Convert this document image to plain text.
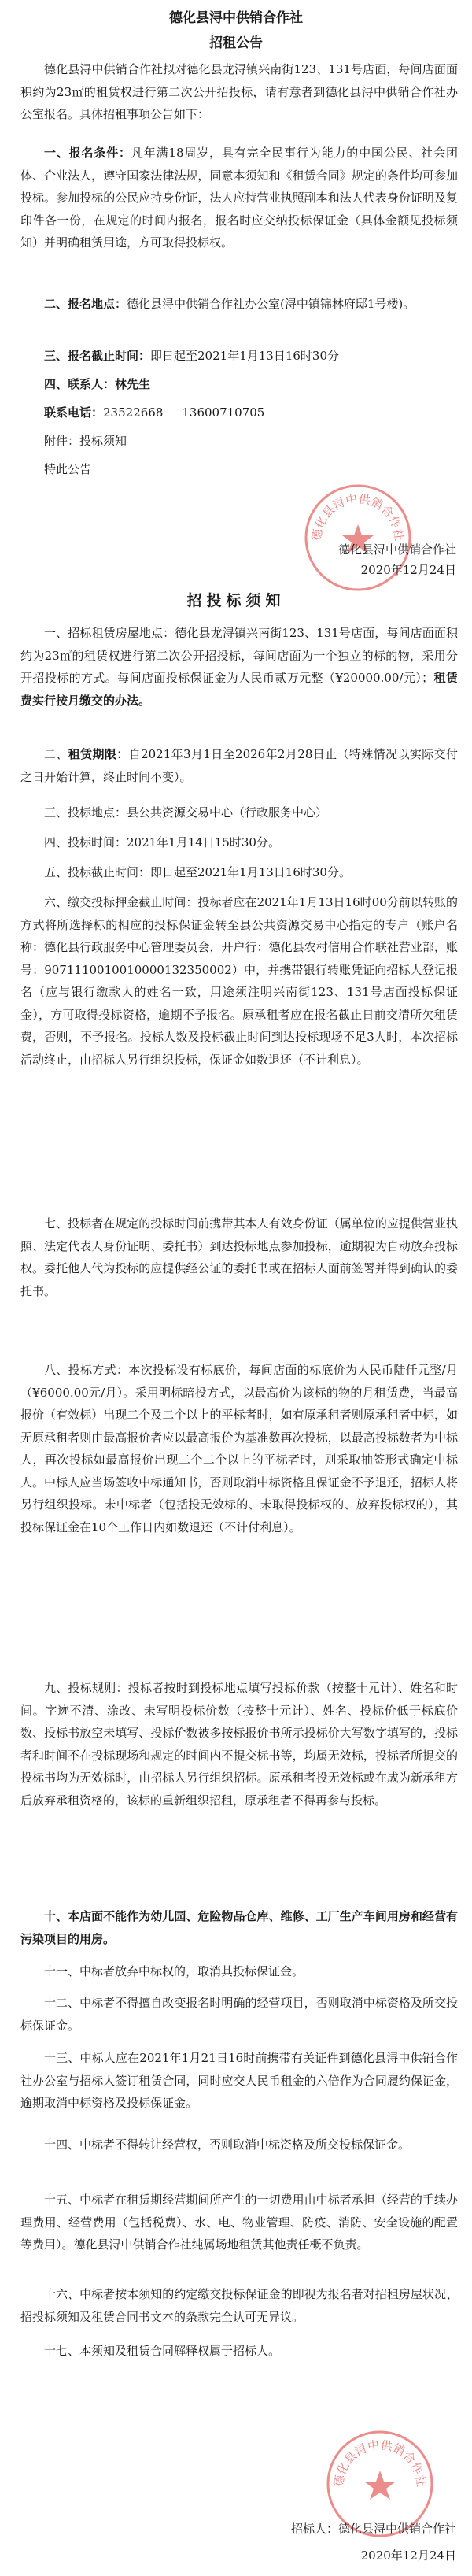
德化县浔中供销合作社
招租公告

德化县浔中供销合作社拟对德化县龙浔镇兴南街123、131号店面，每间店面面积约为23㎡的租赁权进行第二次公开招投标，请有意者到德化县浔中供销合作社办公室报名。具体招租事项公告如下：

一、报名条件：凡年满18周岁，具有完全民事行为能力的中国公民、社会团体、企业法人，遵守国家法律法规，同意本须知和《租赁合同》规定的条件均可参加投标。参加投标的公民应持身份证，法人应持营业执照副本和法人代表身份证明及复印件各一份，在规定的时间内报名，报名时应交纳投标保证金（具体金额见投标须知）并明确租赁用途，方可取得投标权。

二、报名地点：德化县浔中供销合作社办公室(浔中镇锦林府邸1号楼)。

三、报名截止时间：即日起至2021年1月13日16时30分

四、联系人：林先生

联系电话：23522668 13600710705

附件：投标须知

特此公告

德化县浔中供销合作社

德化县浔中供销合作社

2020年12月24日

招投标须知

一、招标租赁房屋地点：德化县龙浔镇兴南街123、131号店面，每间店面面积约为23㎡的租赁权进行第二次公开招投标，每间店面为一个独立的标的物，采用分开招投标的方式。每间店面投标保证金为人民币贰万元整（¥20000.00/元）；租赁费实行按月缴交的办法。

二、租赁期限：自2021年3月1日至2026年2月28日止（特殊情况以实际交付之日开始计算，终止时间不变）。

三、投标地点：县公共资源交易中心（行政服务中心）

四、投标时间：2021年1月14日15时30分。

五、投标截止时间：即日起至2021年1月13日16时30分。

六、缴交投标押金截止时间：投标者应在2021年1月13日16时00分前以转账的方式将所选择标的相应的投标保证金转至县公共资源交易中心指定的专户（账户名称：德化县行政服务中心管理委员会，开户行：德化县农村信用合作联社营业部，账号：9071110010010000132350002）中，并携带银行转账凭证向招标人登记报名（应与银行缴款人的姓名一致，用途须注明兴南街123、131号店面投标保证金），方可取得投标资格，逾期不予报名。原承租者应在报名截止日前交清所欠租赁费，否则，不予报名。投标人数及投标截止时间到达投标现场不足3人时，本次招标活动终止，由招标人另行组织投标，保证金如数退还（不计利息）。

七、投标者在规定的投标时间前携带其本人有效身份证（属单位的应提供营业执照、法定代表人身份证明、委托书）到达投标地点参加投标，逾期视为自动放弃投标权。委托他人代为投标的应提供经公证的委托书或在招标人面前签署并得到确认的委托书。

八、投标方式：本次投标设有标底价，每间店面的标底价为人民币陆仟元整/月（¥6000.00元/月）。采用明标暗投方式，以最高价为该标的物的月租赁费，当最高报价（有效标）出现二个及二个以上的平标者时，如有原承租者则原承租者中标，如无原承租者则由最高报价者应以最高报价为基准数再次投标，以最高投标数者为中标人，再次投标如最高报价出现二个二个以上的平标者时，则采取抽签形式确定中标人。中标人应当场签收中标通知书，否则取消中标资格且保证金不予退还，招标人将另行组织投标。未中标者（包括投无效标的、未取得投标权的、放弃投标权的），其投标保证金在10个工作日内如数退还（不计付利息）。

九、投标规则：投标者按时到投标地点填写投标价款（按整十元计）、姓名和时间。字迹不清、涂改、未写明投标价数（按整十元计）、姓名、投标价低于标底价数、投标书放空未填写、投标价数被多按标报价书所示投标价大写数字填写的，投标者和时间不在投标现场和规定的时间内不提交标书等，均属无效标，投标者所提交的投标书均为无效标时，由招标人另行组织招标。原承租者投无效标或在成为新承租方后放弃承租资格的，该标的重新组织招租，原承租者不得再参与投标。

十、本店面不能作为幼儿园、危险物品仓库、维修、工厂生产车间用房和经营有污染项目的用房。

十一、中标者放弃中标权的，取消其投标保证金。

十二、中标者不得擅自改变报名时明确的经营项目，否则取消中标资格及所交投标保证金。

十三、中标人应在2021年1月21日16时前携带有关证件到德化县浔中供销合作社办公室与招标人签订租赁合同，同时应交人民币租金的六倍作为合同履约保证金，逾期取消中标资格及投标保证金。

十四、中标者不得转让经营权，否则取消中标资格及所交投标保证金。

十五、中标者在租赁期经营期间所产生的一切费用由中标者承担（经营的手续办理费用、经营费用（包括税费）、水、电、物业管理、防疫、消防、安全设施的配置等费用）。德化县浔中供销合作社纯属场地租赁其他责任概不负责。

十六、中标者按本须知的约定缴交投标保证金的即视为报名者对招租房屋状况、招投标须知及租赁合同书文本的条款完全认可无异议。

十七、本须知及租赁合同解释权属于招标人。

德化县浔中供销合作社

招标人：德化县浔中供销合作社

2020年12月24日
